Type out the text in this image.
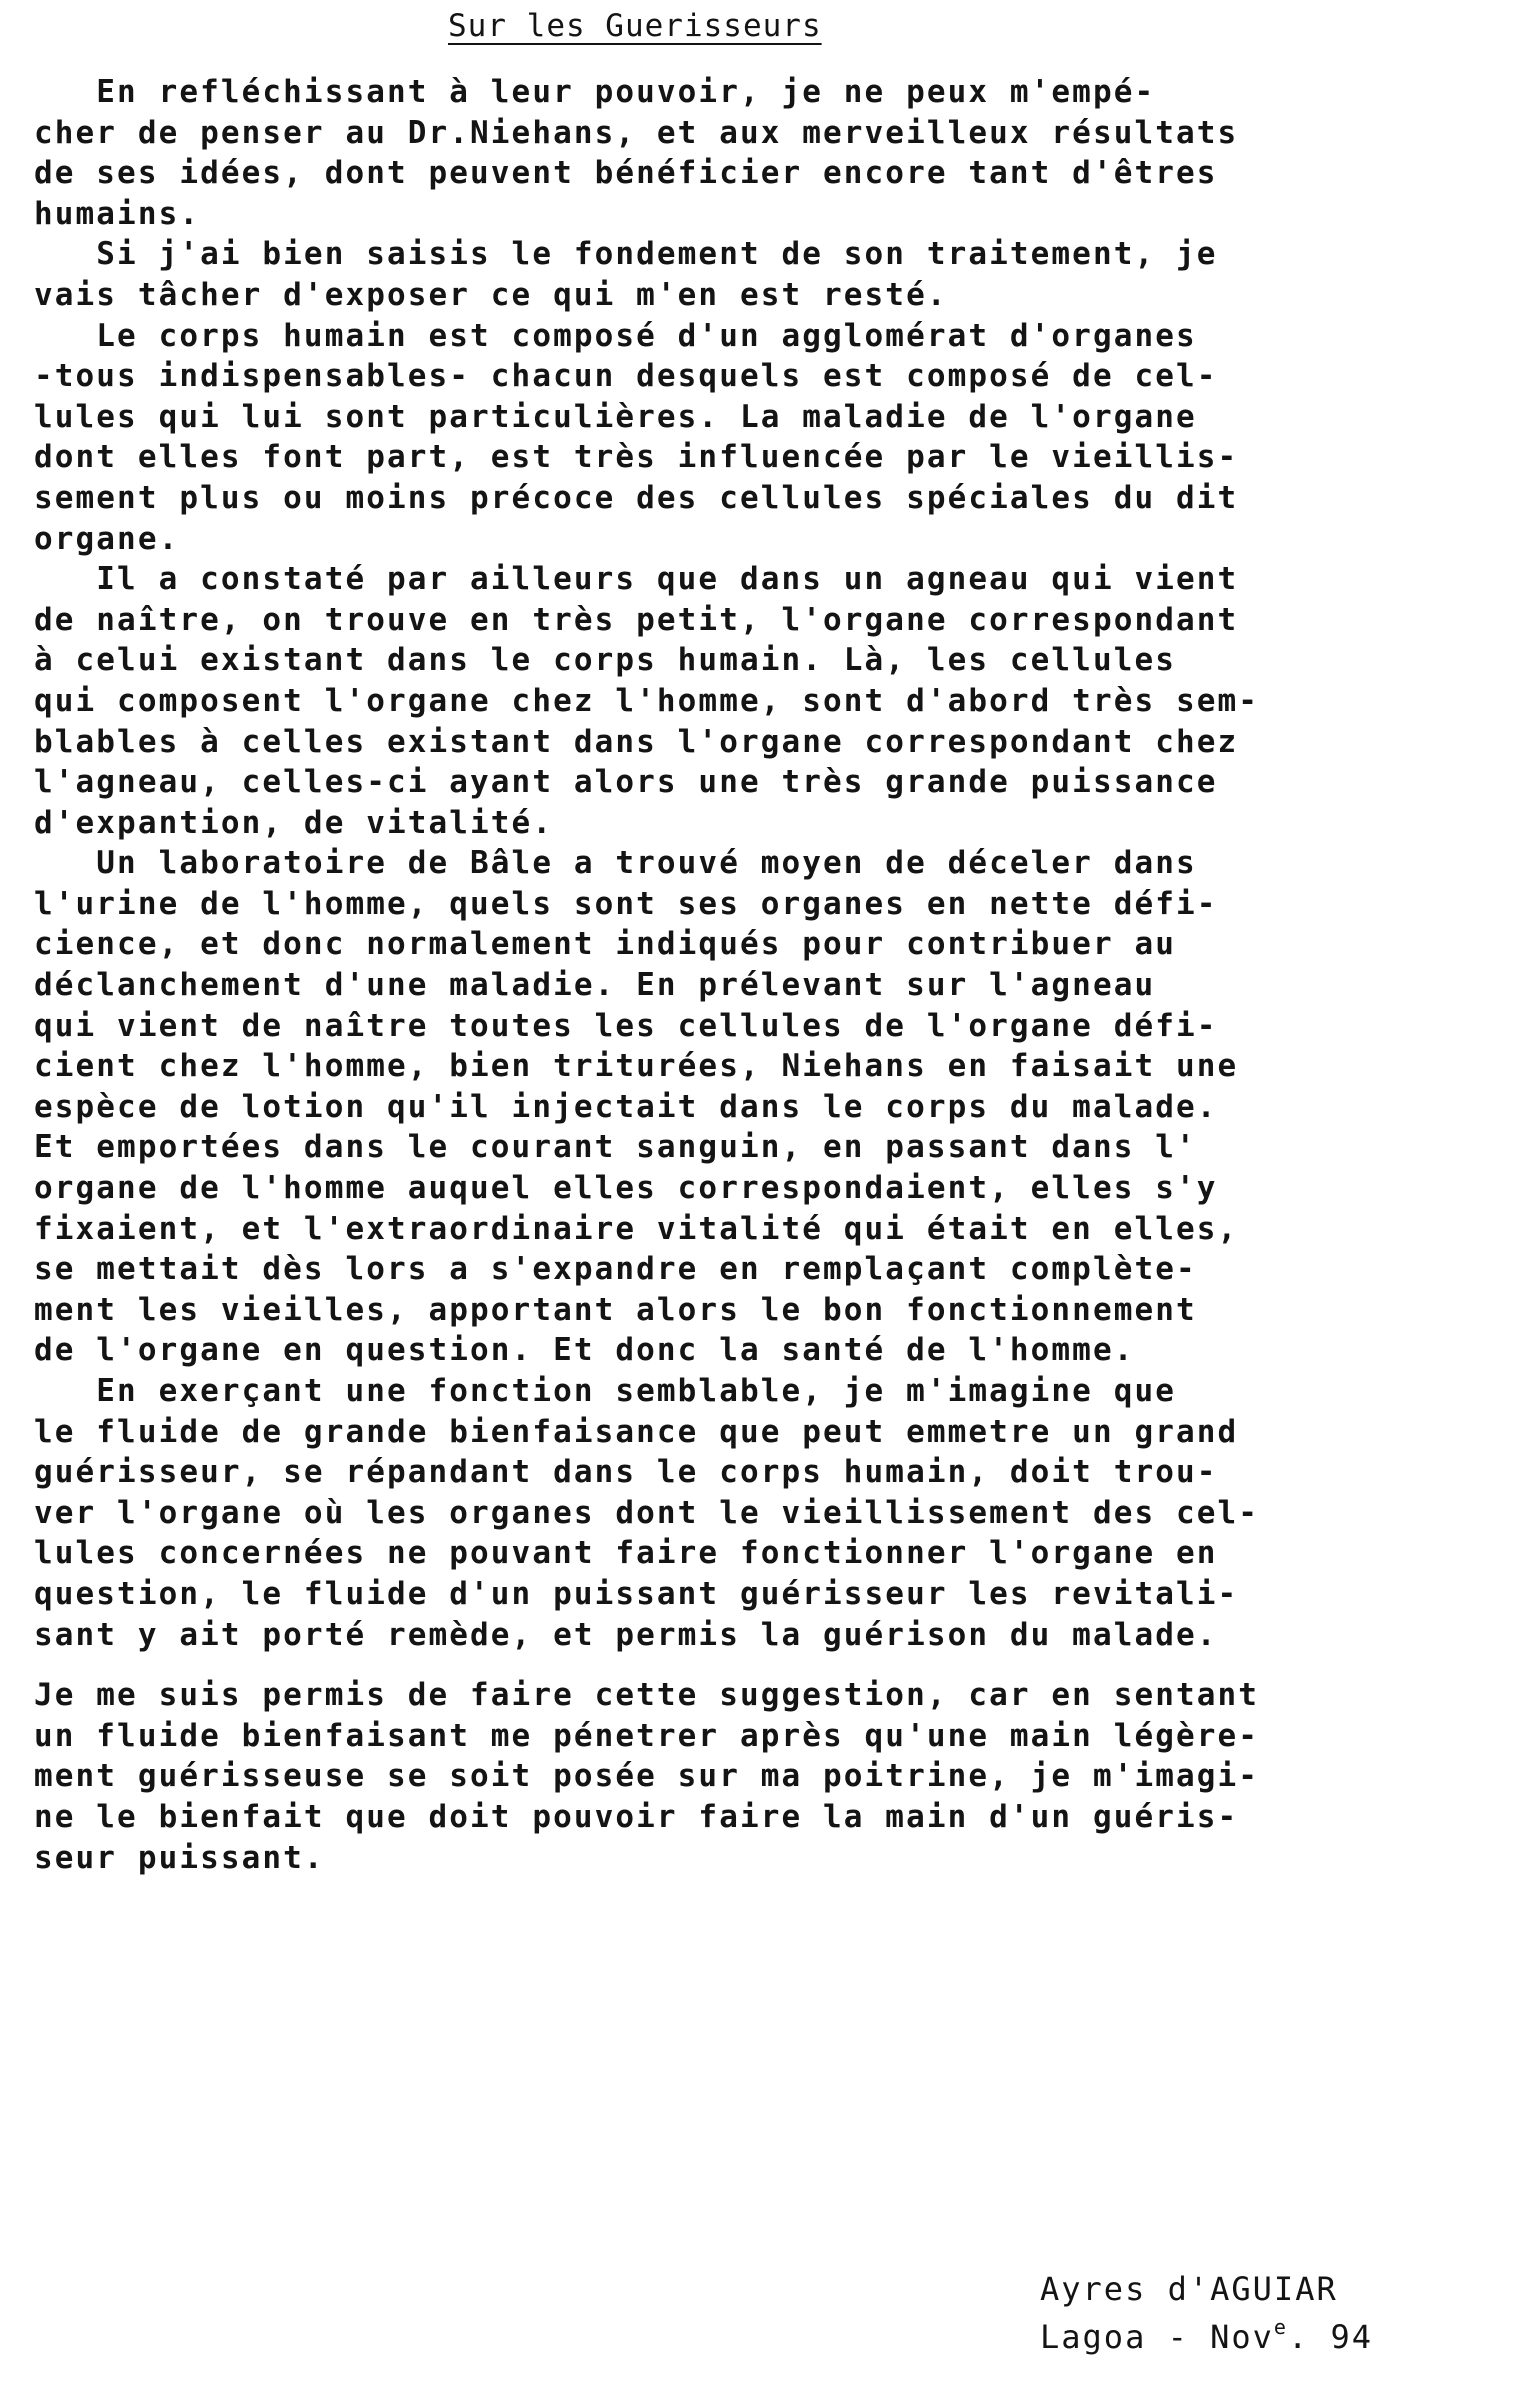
Sur les Guerisseurs
En refléchissant à leur pouvoir, je ne peux m'empé-
cher de penser au Dr.Niehans, et aux merveilleux résultats
de ses idées, dont peuvent bénéficier encore tant d'êtres
humains.
Si j'ai bien saisis le fondement de son traitement, je
vais tâcher d'exposer ce qui m'en est resté.
Le corps humain est composé d'un agglomérat d'organes
-tous indispensables- chacun desquels est composé de cel-
lules qui lui sont particulières. La maladie de l'organe
dont elles font part, est très influencée par le vieillis-
sement plus ou moins précoce des cellules spéciales du dit
organe.
Il a constaté par ailleurs que dans un agneau qui vient
de naître, on trouve en très petit, l'organe correspondant
à celui existant dans le corps humain. Là, les cellules
qui composent l'organe chez l'homme, sont d'abord très sem-
blables à celles existant dans l'organe correspondant chez
l'agneau, celles-ci ayant alors une très grande puissance
d'expantion, de vitalité.
Un laboratoire de Bâle a trouvé moyen de déceler dans
l'urine de l'homme, quels sont ses organes en nette défi-
cience, et donc normalement indiqués pour contribuer au
déclanchement d'une maladie. En prélevant sur l'agneau
qui vient de naître toutes les cellules de l'organe défi-
cient chez l'homme, bien triturées, Niehans en faisait une
espèce de lotion qu'il injectait dans le corps du malade.
Et emportées dans le courant sanguin, en passant dans l'
organe de l'homme auquel elles correspondaient, elles s'y
fixaient, et l'extraordinaire vitalité qui était en elles,
se mettait dès lors a s'expandre en remplaçant complète-
ment les vieilles, apportant alors le bon fonctionnement
de l'organe en question. Et donc la santé de l'homme.
En exerçant une fonction semblable, je m'imagine que
le fluide de grande bienfaisance que peut emmetre un grand
guérisseur, se répandant dans le corps humain, doit trou-
ver l'organe où les organes dont le vieillissement des cel-
lules concernées ne pouvant faire fonctionner l'organe en
question, le fluide d'un puissant guérisseur les revitali-
sant y ait porté remède, et permis la guérison du malade.
Je me suis permis de faire cette suggestion, car en sentant
un fluide bienfaisant me pénetrer après qu'une main légère-
ment guérisseuse se soit posée sur ma poitrine, je m'imagi-
ne le bienfait que doit pouvoir faire la main d'un guéris-
seur puissant.
Ayres d'AGUIAR
Lagoa - Nov$^e$. 94
